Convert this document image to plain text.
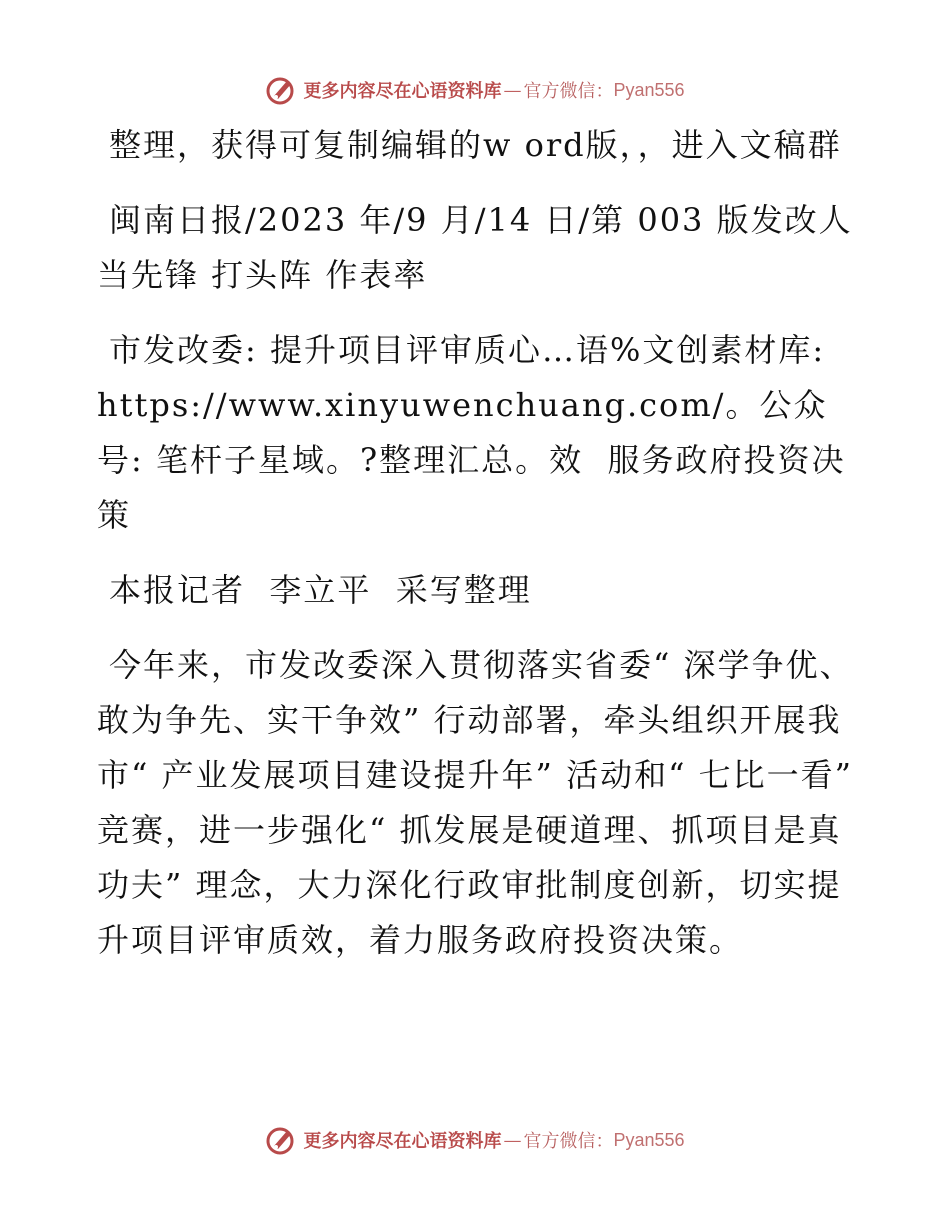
更多内容尽在心语资料库 — 官方微信： Pyan556

整理，获得可复制编辑的w ord版，，进入文稿群

闽南日报/2023 年/9 月/14 日/第 003 版发改人当先锋 打头阵 作表率

市发改委: 提升项目评审质心…语%文创素材库: https://www.xinyuwenchuang.com/。公众号: 笔杆子星域。?整理汇总。效  服务政府投资决策

本报记者  李立平  采写整理

今年来，市发改委深入贯彻落实省委“ 深学争优、敢为争先、实干争效” 行动部署，牵头组织开展我市“ 产业发展项目建设提升年” 活动和“ 七比一看” 竞赛，进一步强化“ 抓发展是硬道理、抓项目是真功夫” 理念，大力深化行政审批制度创新，切实提升项目评审质效，着力服务政府投资决策。

更多内容尽在心语资料库 — 官方微信： Pyan556
